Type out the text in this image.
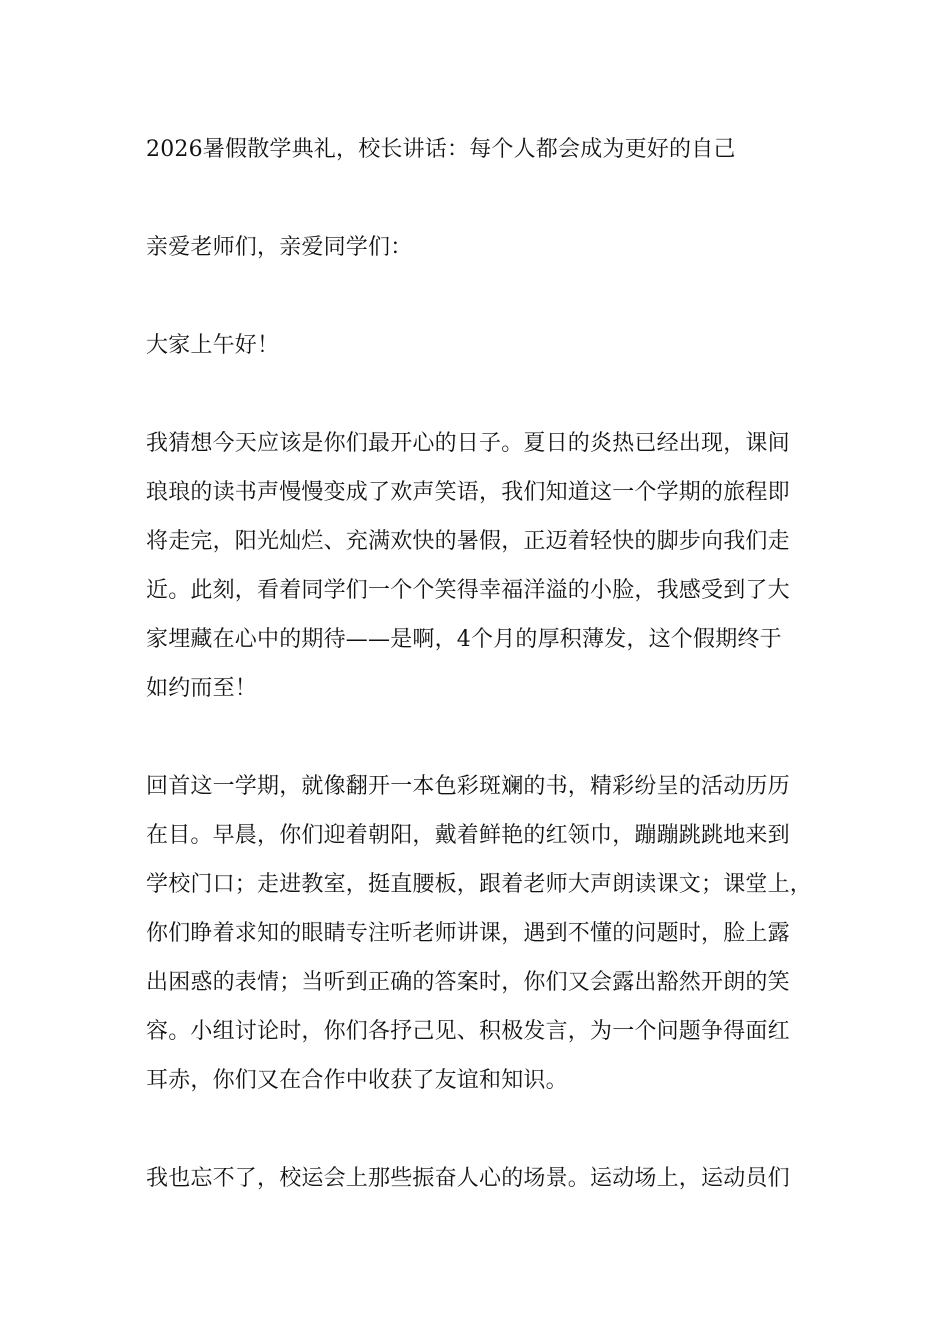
2026暑假散学典礼，校长讲话：每个人都会成为更好的自己
亲爱老师们，亲爱同学们：
大家上午好！
我猜想今天应该是你们最开心的日子。夏日的炎热已经出现，课间
琅琅的读书声慢慢变成了欢声笑语，我们知道这一个学期的旅程即
将走完，阳光灿烂、充满欢快的暑假，正迈着轻快的脚步向我们走
近。此刻，看着同学们一个个笑得幸福洋溢的小脸，我感受到了大
家埋藏在心中的期待——是啊，4个月的厚积薄发，这个假期终于
如约而至！
回首这一学期，就像翻开一本色彩斑斓的书，精彩纷呈的活动历历
在目。早晨，你们迎着朝阳，戴着鲜艳的红领巾，蹦蹦跳跳地来到
学校门口；走进教室，挺直腰板，跟着老师大声朗读课文；课堂上，
你们睁着求知的眼睛专注听老师讲课，遇到不懂的问题时，脸上露
出困惑的表情；当听到正确的答案时，你们又会露出豁然开朗的笑
容。小组讨论时，你们各抒己见、积极发言，为一个问题争得面红
耳赤，你们又在合作中收获了友谊和知识。
我也忘不了，校运会上那些振奋人心的场景。运动场上，运动员们
